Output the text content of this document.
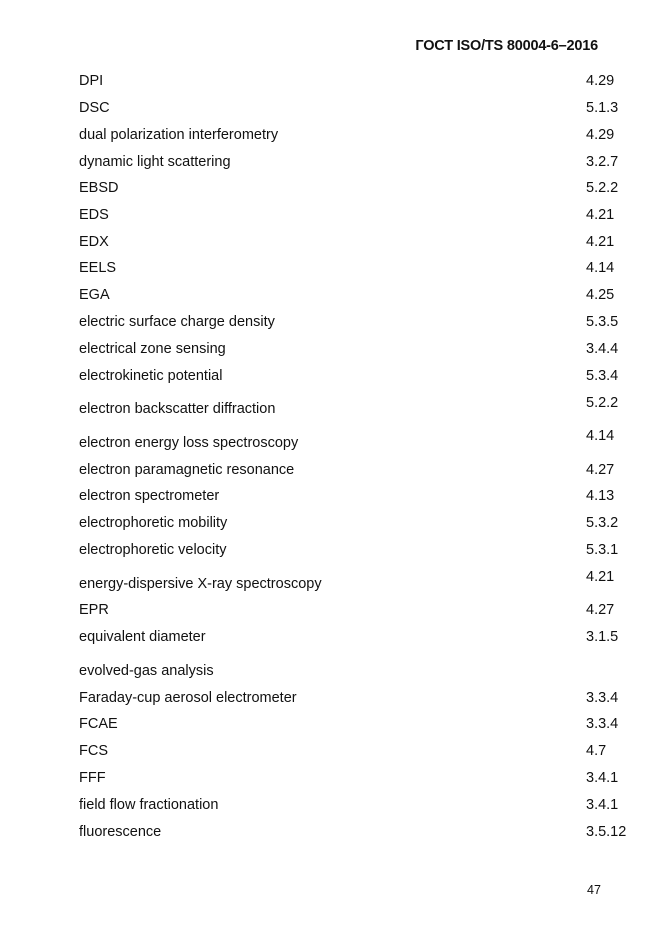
ГОСТ ISO/TS 80004-6–2016
DPI	4.29
DSC	5.1.3
dual polarization interferometry	4.29
dynamic light scattering	3.2.7
EBSD	5.2.2
EDS	4.21
EDX	4.21
EELS	4.14
EGA	4.25
electric surface charge density	5.3.5
electrical zone sensing	3.4.4
electrokinetic potential	5.3.4
electron backscatter diffraction	5.2.2
electron energy loss spectroscopy	4.14
electron paramagnetic resonance	4.27
electron spectrometer	4.13
electrophoretic mobility	5.3.2
electrophoretic velocity	5.3.1
energy-dispersive X-ray spectroscopy	4.21
EPR	4.27
equivalent diameter	3.1.5
evolved-gas analysis
Faraday-cup aerosol electrometer	3.3.4
FCAE	3.3.4
FCS	4.7
FFF	3.4.1
field flow fractionation	3.4.1
fluorescence	3.5.12
47
